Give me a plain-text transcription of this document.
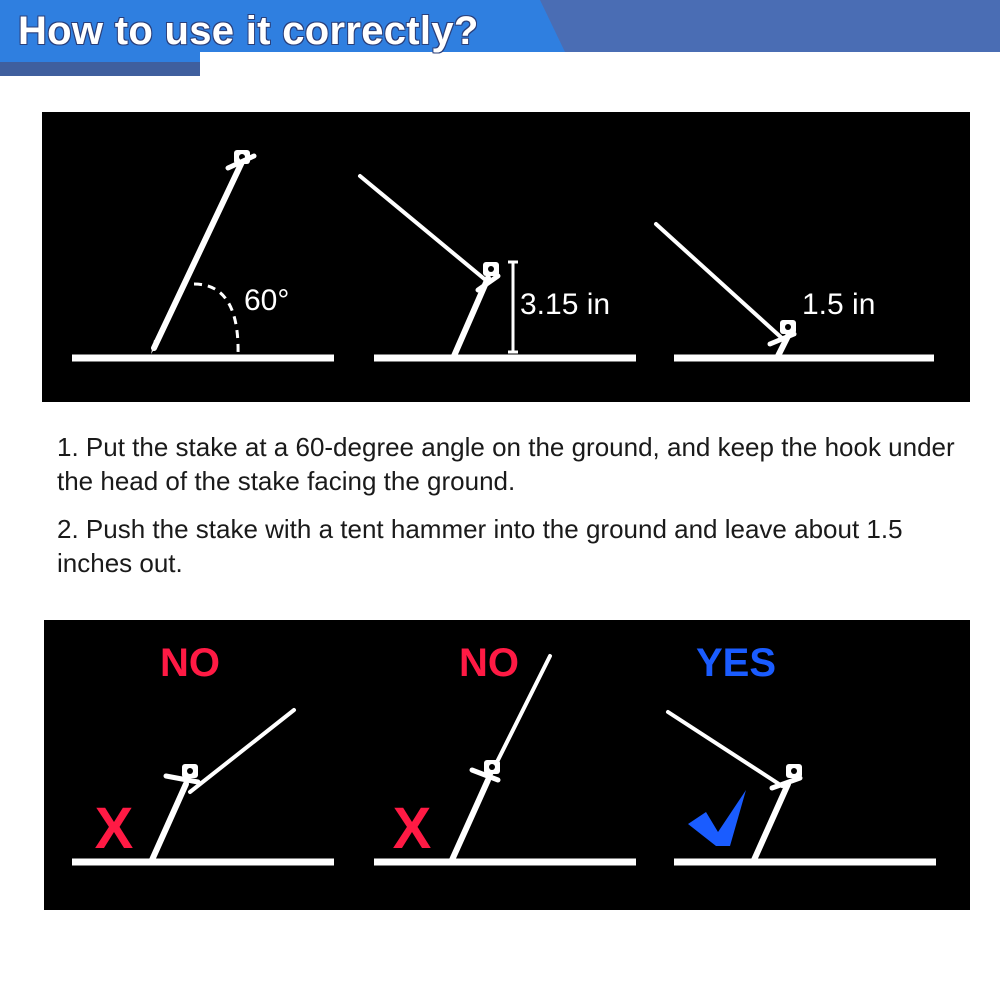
How to use it correctly?
60°	3.15 in	1.5 in

1. Put the stake at a 60-degree angle on the ground, and keep the hook under the head of the stake facing the ground.

2. Push the stake with a tent hammer into the ground and leave about 1.5 inches out.

NO
X
NO
X
YES
